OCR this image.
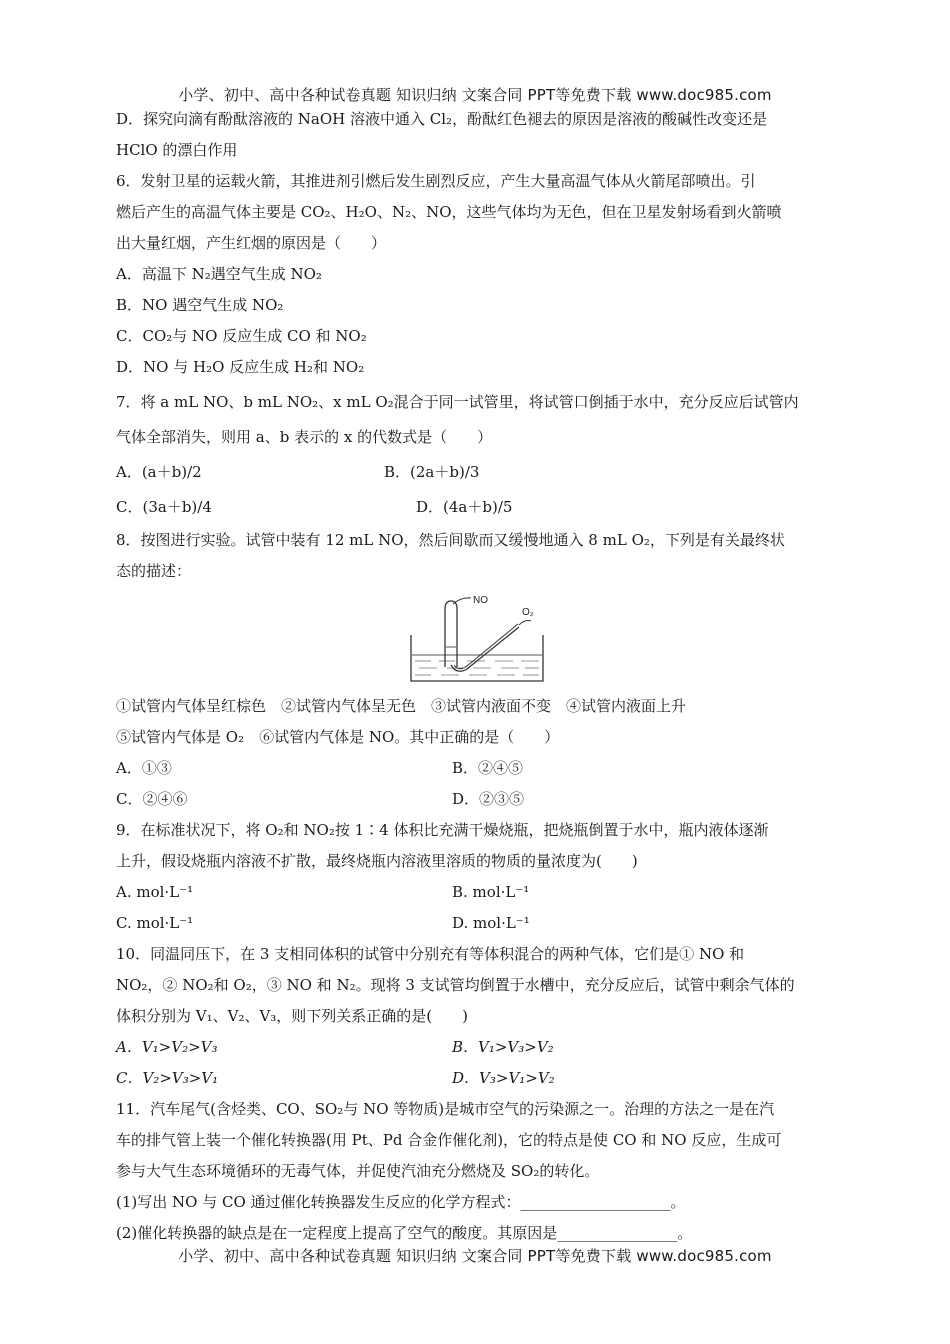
小学、初中、高中各种试卷真题 知识归纳 文案合同 PPT等免费下载 www.doc985.com
D．探究向滴有酚酞溶液的 NaOH 溶液中通入 Cl₂，酚酞红色褪去的原因是溶液的酸碱性改变还是
HClO 的漂白作用
6．发射卫星的运载火箭，其推进剂引燃后发生剧烈反应，产生大量高温气体从火箭尾部喷出。引
燃后产生的高温气体主要是 CO₂、H₂O、N₂、NO，这些气体均为无色，但在卫星发射场看到火箭喷
出大量红烟，产生红烟的原因是（　　）
A．高温下 N₂遇空气生成 NO₂
B．NO 遇空气生成 NO₂
C．CO₂与 NO 反应生成 CO 和 NO₂
D．NO 与 H₂O 反应生成 H₂和 NO₂
7．将 a mL NO、b mL NO₂、x mL O₂混合于同一试管里，将试管口倒插于水中，充分反应后试管内
气体全部消失，则用 a、b 表示的 x 的代数式是（　　）
A．(a＋b)/2	B．(2a＋b)/3
C．(3a＋b)/4	D．(4a＋b)/5
8．按图进行实验。试管中装有 12 mL NO，然后间歇而又缓慢地通入 8 mL O₂，下列是有关最终状
态的描述：
NO
O₂
①试管内气体呈红棕色　②试管内气体呈无色　③试管内液面不变　④试管内液面上升
⑤试管内气体是 O₂　⑥试管内气体是 NO。其中正确的是（　　）
A．①③	B．②④⑤
C．②④⑥	D．②③⑤
9．在标准状况下，将 O₂和 NO₂按 1∶4 体积比充满干燥烧瓶，把烧瓶倒置于水中，瓶内液体逐渐
上升，假设烧瓶内溶液不扩散，最终烧瓶内溶液里溶质的物质的量浓度为(　　)
A. mol·L⁻¹	B. mol·L⁻¹
C. mol·L⁻¹	D. mol·L⁻¹
10．同温同压下，在 3 支相同体积的试管中分别充有等体积混合的两种气体，它们是① NO 和
NO₂，② NO₂和 O₂，③ NO 和 N₂。现将 3 支试管均倒置于水槽中，充分反应后，试管中剩余气体的
体积分别为 V₁、V₂、V₃，则下列关系正确的是(　　)
A．V₁>V₂>V₃	B．V₁>V₃>V₂
C．V₂>V₃>V₁	D．V₃>V₁>V₂
11．汽车尾气(含烃类、CO、SO₂与 NO 等物质)是城市空气的污染源之一。治理的方法之一是在汽
车的排气管上装一个催化转换器(用 Pt、Pd 合金作催化剂)，它的特点是使 CO 和 NO 反应，生成可
参与大气生态环境循环的无毒气体，并促使汽油充分燃烧及 SO₂的转化。
(1)写出 NO 与 CO 通过催化转换器发生反应的化学方程式：____________________。
(2)催化转换器的缺点是在一定程度上提高了空气的酸度。其原因是________________。
小学、初中、高中各种试卷真题 知识归纳 文案合同 PPT等免费下载 www.doc985.com
